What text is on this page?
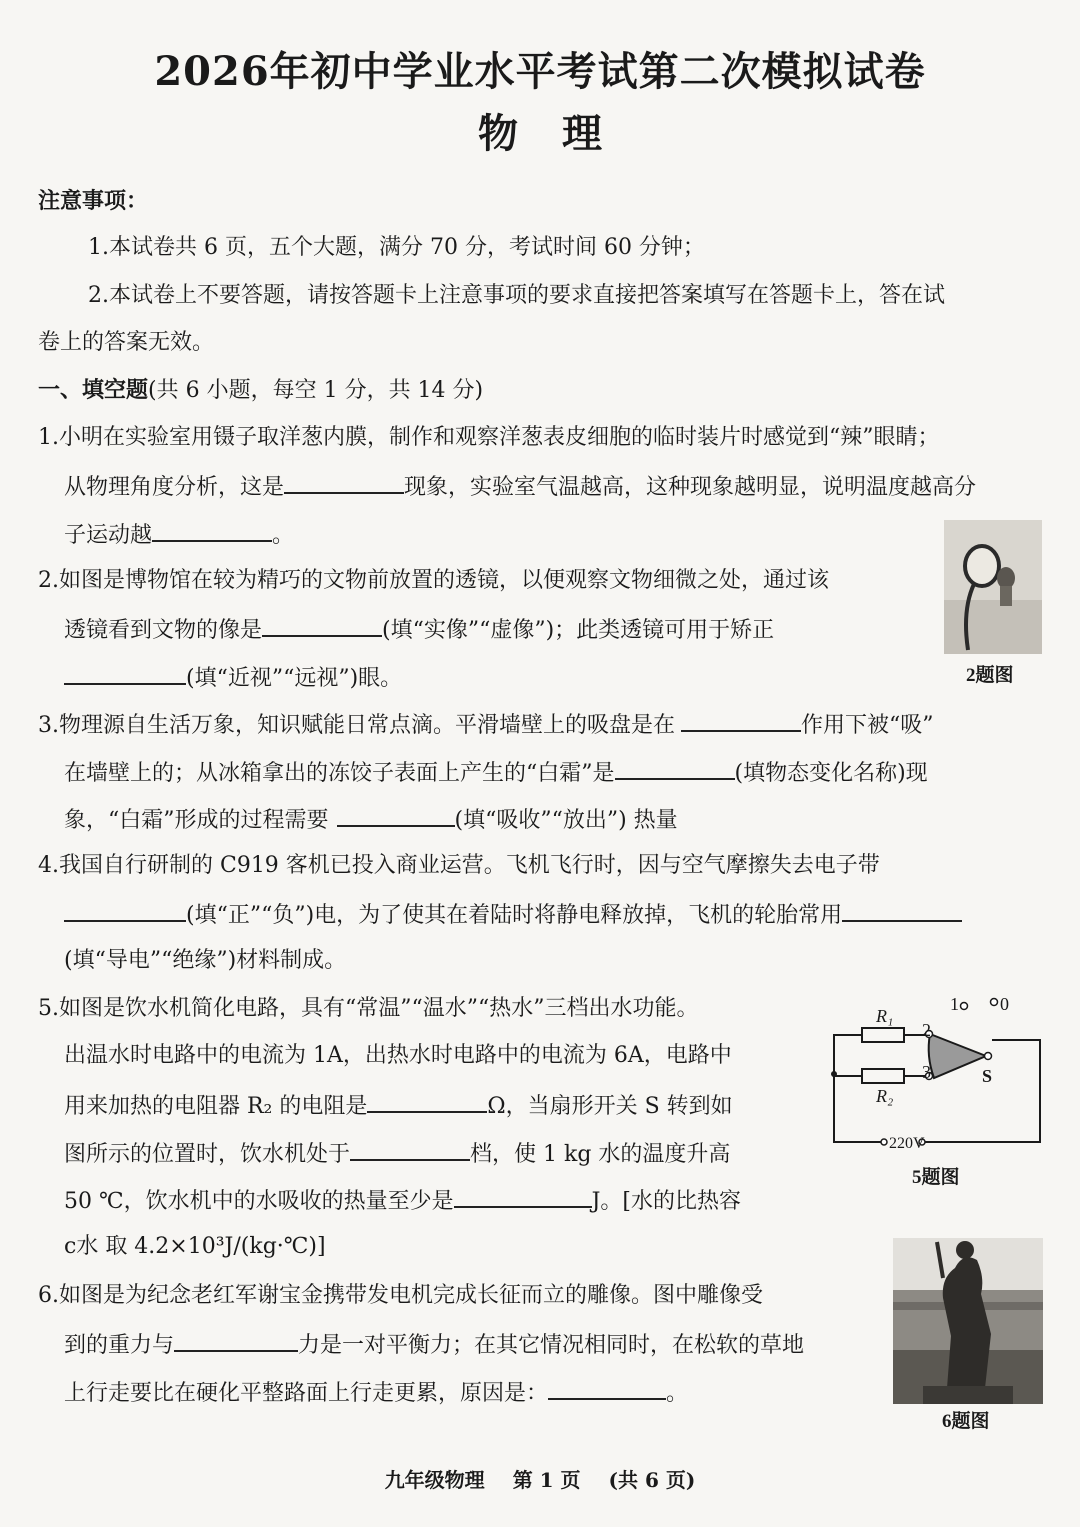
2026年初中学业水平考试第二次模拟试卷
物 理
注意事项：
1.本试卷共 6 页，五个大题，满分 70 分，考试时间 60 分钟；
2.本试卷上不要答题，请按答题卡上注意事项的要求直接把答案填写在答题卡上，答在试
卷上的答案无效。
一、填空题(共 6 小题，每空 1 分，共 14 分)
1.小明在实验室用镊子取洋葱内膜，制作和观察洋葱表皮细胞的临时装片时感觉到“辣”眼睛；
从物理角度分析，这是	现象，实验室气温越高，这种现象越明显，说明温度越高分
子运动越	。
2.如图是博物馆在较为精巧的文物前放置的透镜，以便观察文物细微之处，通过该
透镜看到文物的像是	(填“实像”“虚像”)；此类透镜可用于矫正
(填“近视”“远视”)眼。	2题图
3.物理源自生活万象，知识赋能日常点滴。平滑墙壁上的吸盘是在	作用下被“吸”
在墙壁上的；从冰箱拿出的冻饺子表面上产生的“白霜”是	(填物态变化名称)现
象，“白霜”形成的过程需要	(填“吸收”“放出”) 热量
4.我国自行研制的 C919 客机已投入商业运营。飞机飞行时，因与空气摩擦失去电子带
(填“正”“负”)电，为了使其在着陆时将静电释放掉，飞机的轮胎常用
(填“导电”“绝缘”)材料制成。
5.如图是饮水机简化电路，具有“常温”“温水”“热水”三档出水功能。
出温水时电路中的电流为 1A，出热水时电路中的电流为 6A，电路中
用来加热的电阻器 R₂ 的电阻是	Ω，当扇形开关 S 转到如
图所示的位置时，饮水机处于	档，使 1 kg 水的温度升高
50 ℃，饮水机中的水吸收的热量至少是	J。[水的比热容
c水 取 4.2×10³J/(kg·℃)]
R₁
R₂
1 0
2
3	S
220V
5题图
6.如图是为纪念老红军谢宝金携带发电机完成长征而立的雕像。图中雕像受
到的重力与	力是一对平衡力；在其它情况相同时，在松软的草地
上行走要比在硬化平整路面上行走更累，原因是：	。
6题图
九年级物理 第 1 页 (共 6 页)
